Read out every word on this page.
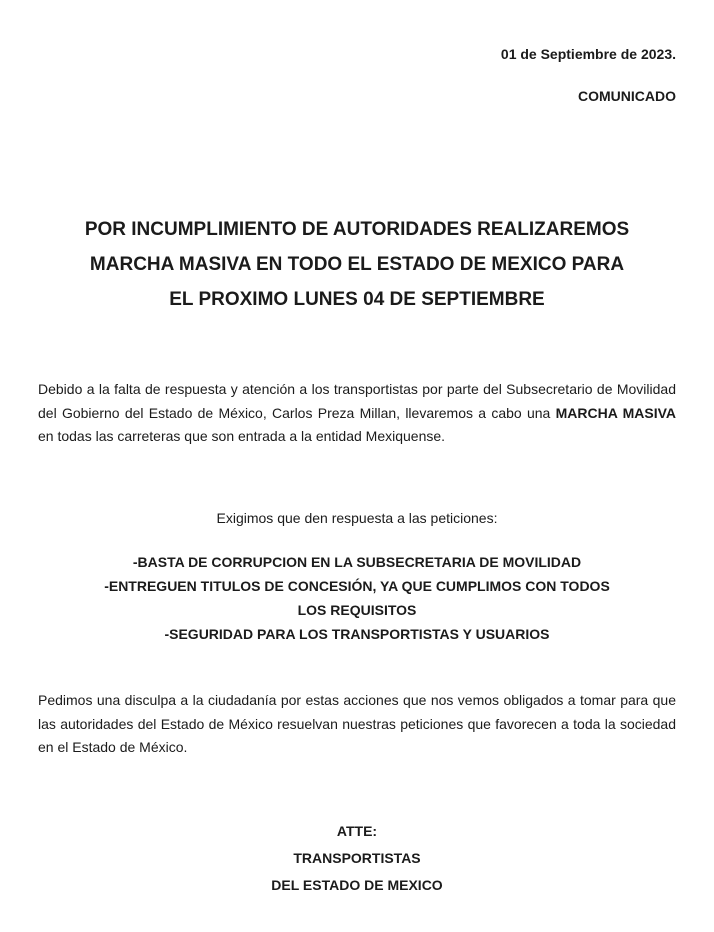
01 de Septiembre de 2023.
COMUNICADO
POR INCUMPLIMIENTO DE AUTORIDADES REALIZAREMOS
MARCHA MASIVA EN TODO EL ESTADO DE MEXICO PARA
EL PROXIMO LUNES 04 DE SEPTIEMBRE
Debido a la falta de respuesta y atención a los transportistas por parte del Subsecretario de Movilidad del Gobierno del Estado de México, Carlos Preza Millan, llevaremos a cabo una MARCHA MASIVA en todas las carreteras que son entrada a la entidad Mexiquense.
Exigimos que den respuesta a las peticiones:
-BASTA DE CORRUPCION EN LA SUBSECRETARIA DE MOVILIDAD
-ENTREGUEN TITULOS DE CONCESIÓN, YA QUE CUMPLIMOS CON TODOS
LOS REQUISITOS
-SEGURIDAD PARA LOS TRANSPORTISTAS Y USUARIOS
Pedimos una disculpa a la ciudadanía por estas acciones que nos vemos obligados a tomar para que las autoridades del Estado de México resuelvan nuestras peticiones que favorecen a toda la sociedad en el Estado de México.
ATTE:
TRANSPORTISTAS
DEL ESTADO DE MEXICO
